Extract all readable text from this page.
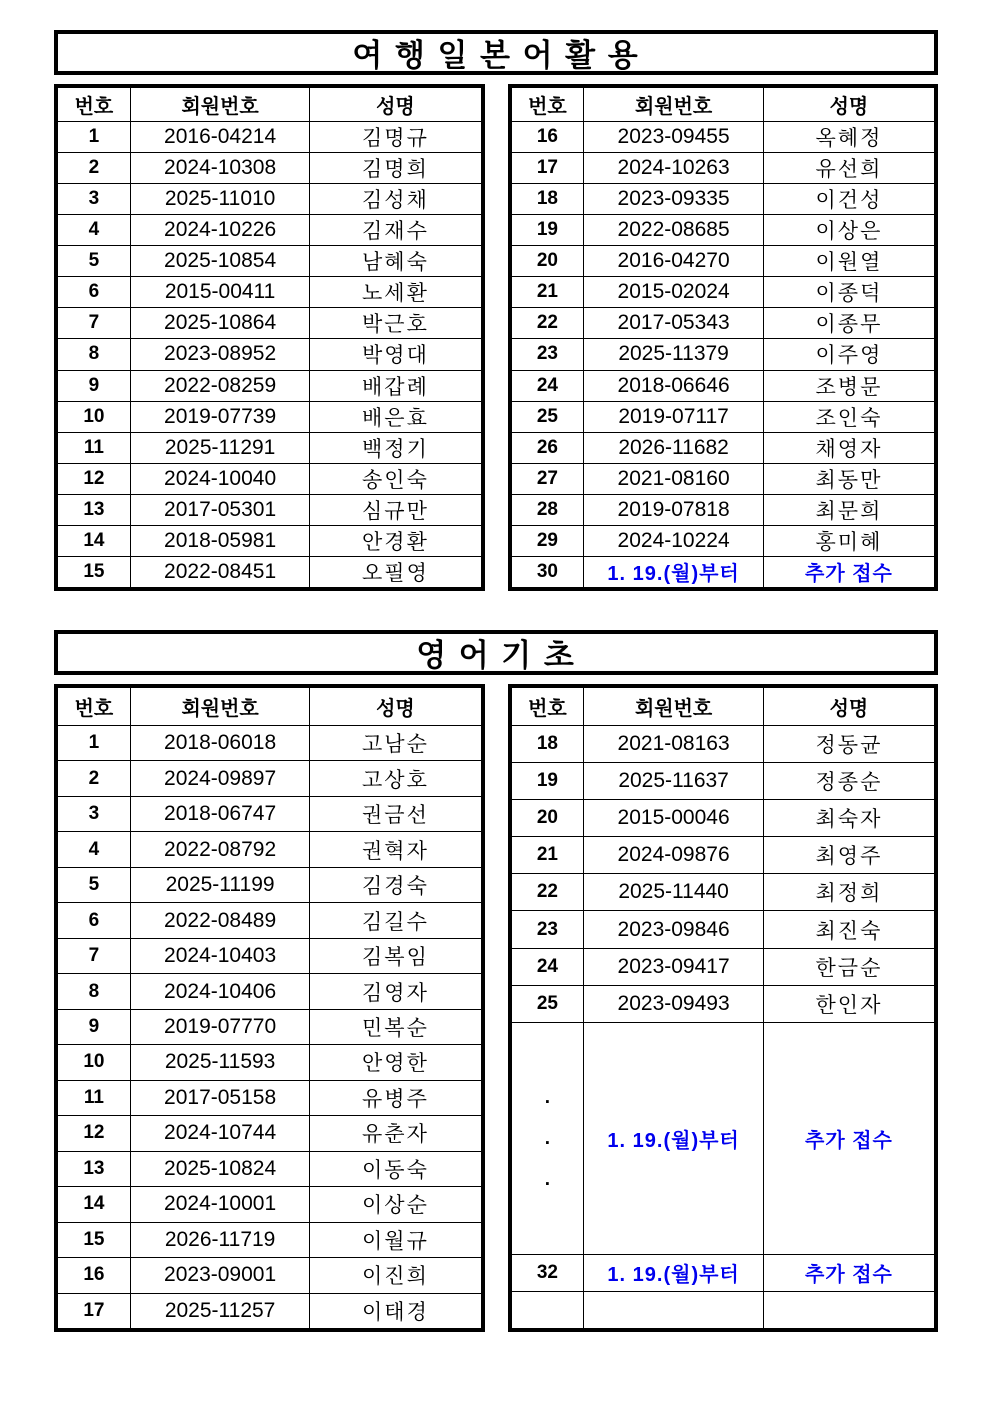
여 행 일 본 어 활 용
번호	회원번호	성명
1	2016-04214	김명규
2	2024-10308	김명희
3	2025-11010	김성채
4	2024-10226	김재수
5	2025-10854	남혜숙
6	2015-00411	노세환
7	2025-10864	박근호
8	2023-08952	박영대
9	2022-08259	배갑례
10	2019-07739	배은효
11	2025-11291	백정기
12	2024-10040	송인숙
13	2017-05301	심규만
14	2018-05981	안경환
15	2022-08451	오필영
번호	회원번호	성명
16	2023-09455	옥혜정
17	2024-10263	유선희
18	2023-09335	이건성
19	2022-08685	이상은
20	2016-04270	이원열
21	2015-02024	이종덕
22	2017-05343	이종무
23	2025-11379	이주영
24	2018-06646	조병문
25	2019-07117	조인숙
26	2026-11682	채영자
27	2021-08160	최동만
28	2019-07818	최문희
29	2024-10224	홍미혜
30	1. 19.(월)부터	추가 접수
영 어 기 초
번호	회원번호	성명
1	2018-06018	고남순
2	2024-09897	고상호
3	2018-06747	권금선
4	2022-08792	권혁자
5	2025-11199	김경숙
6	2022-08489	김길수
7	2024-10403	김복임
8	2024-10406	김영자
9	2019-07770	민복순
10	2025-11593	안영한
11	2017-05158	유병주
12	2024-10744	유춘자
13	2025-10824	이동숙
14	2024-10001	이상순
15	2026-11719	이월규
16	2023-09001	이진희
17	2025-11257	이태경
번호	회원번호	성명
18	2021-08163	정동균
19	2025-11637	정종순
20	2015-00046	최숙자
21	2024-09876	최영주
22	2025-11440	최정희
23	2023-09846	최진숙
24	2023-09417	한금순
25	2023-09493	한인자
.
.
.
1. 19.(월)부터	추가 접수
32	1. 19.(월)부터	추가 접수
